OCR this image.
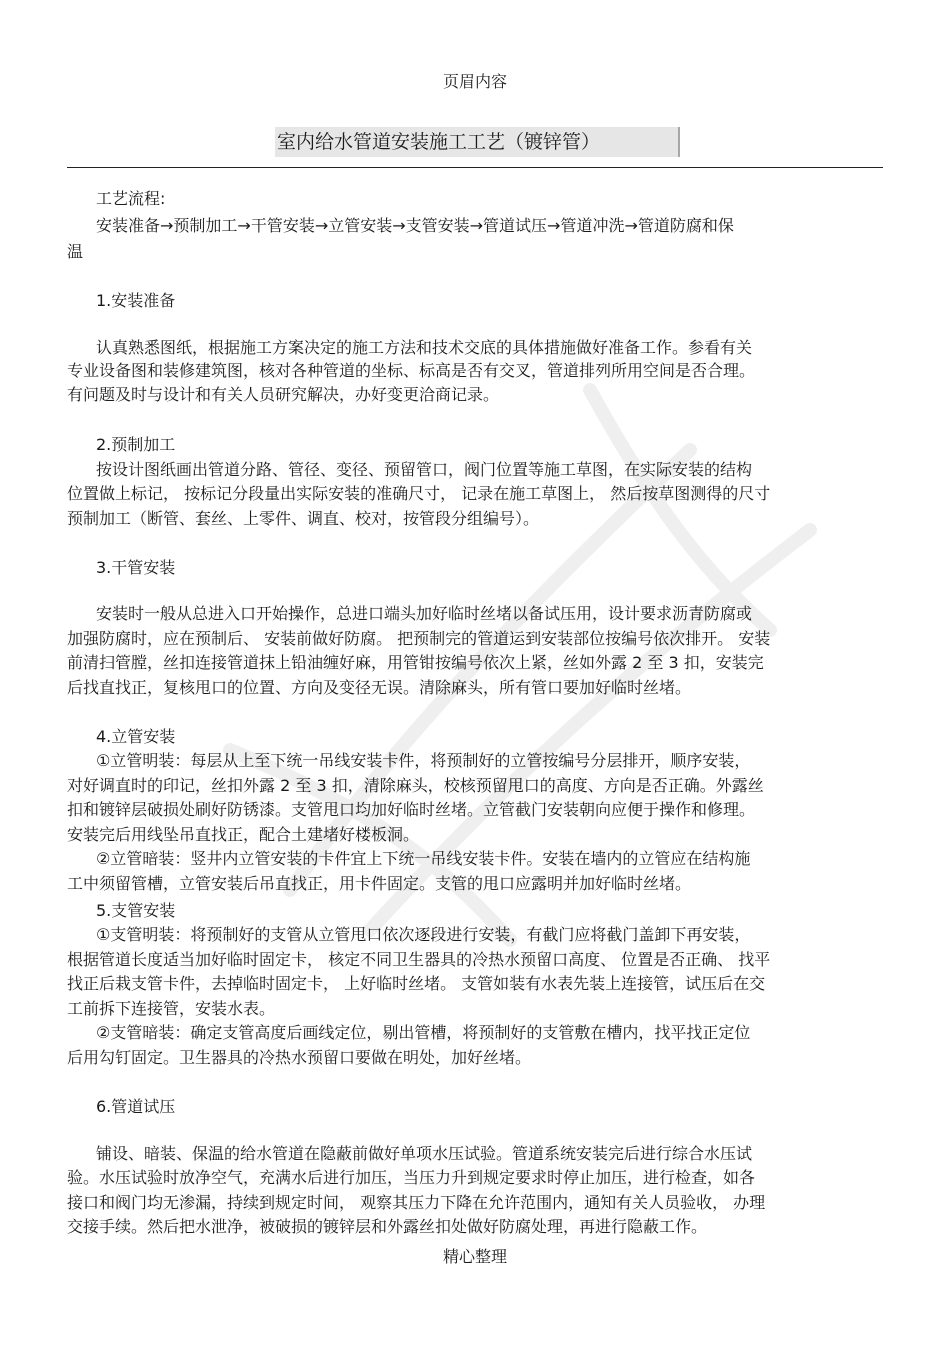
页眉内容
室内给水管道安装施工工艺（镀锌管）
工艺流程:
安装准备→预制加工→干管安装→立管安装→支管安装→管道试压→管道冲洗→管道防腐和保
温
1.安装准备
认真熟悉图纸，根据施工方案决定的施工方法和技术交底的具体措施做好准备工作。参看有关
专业设备图和装修建筑图，核对各种管道的坐标、标高是否有交叉，管道排列所用空间是否合理。
有问题及时与设计和有关人员研究解决，办好变更洽商记录。
2.预制加工
按设计图纸画出管道分路、管径、变径、预留管口，阀门位置等施工草图，在实际安装的结构
位置做上标记， 按标记分段量出实际安装的准确尺寸， 记录在施工草图上， 然后按草图测得的尺寸
预制加工（断管、套丝、上零件、调直、校对，按管段分组编号）。
3.干管安装
安装时一般从总进入口开始操作，总进口端头加好临时丝堵以备试压用，设计要求沥青防腐或
加强防腐时，应在预制后、 安装前做好防腐。 把预制完的管道运到安装部位按编号依次排开。 安装
前清扫管膛，丝扣连接管道抹上铅油缠好麻，用管钳按编号依次上紧，丝如外露 2 至 3 扣，安装完
后找直找正，复核甩口的位置、方向及变径无误。清除麻头，所有管口要加好临时丝堵。
4.立管安装
①立管明装：每层从上至下统一吊线安装卡件，将预制好的立管按编号分层排开，顺序安装，
对好调直时的印记，丝扣外露 2 至 3 扣，清除麻头，校核预留甩口的高度、方向是否正确。外露丝
扣和镀锌层破损处刷好防锈漆。支管甩口均加好临时丝堵。立管截门安装朝向应便于操作和修理。
安装完后用线坠吊直找正，配合土建堵好楼板洞。
②立管暗装：竖井内立管安装的卡件宜上下统一吊线安装卡件。安装在墙内的立管应在结构施
工中须留管槽，立管安装后吊直找正，用卡件固定。支管的甩口应露明并加好临时丝堵。
5.支管安装
①支管明装：将预制好的支管从立管甩口依次逐段进行安装，有截门应将截门盖卸下再安装，
根据管道长度适当加好临时固定卡， 核定不同卫生器具的冷热水预留口高度、 位置是否正确、 找平
找正后栽支管卡件，去掉临时固定卡， 上好临时丝堵。 支管如装有水表先装上连接管，试压后在交
工前拆下连接管，安装水表。
②支管暗装：确定支管高度后画线定位，剔出管槽，将预制好的支管敷在槽内，找平找正定位
后用勾钉固定。卫生器具的冷热水预留口要做在明处，加好丝堵。
6.管道试压
铺设、暗装、保温的给水管道在隐蔽前做好单项水压试验。管道系统安装完后进行综合水压试
验。水压试验时放净空气，充满水后进行加压，当压力升到规定要求时停止加压，进行检查，如各
接口和阀门均无渗漏，持续到规定时间， 观察其压力下降在允许范围内，通知有关人员验收， 办理
交接手续。然后把水泄净，被破损的镀锌层和外露丝扣处做好防腐处理，再进行隐蔽工作。
精心整理
